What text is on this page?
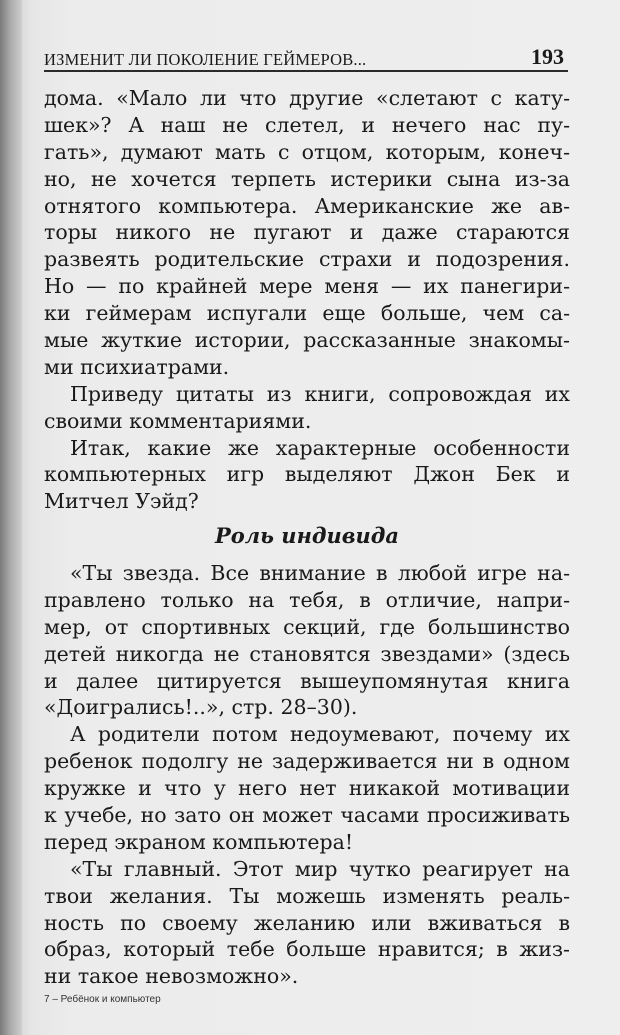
ИЗМЕНИТ ЛИ ПОКОЛЕНИЕ ГЕЙМЕРОВ...	193
дома. «Мало ли что другие «слетают с кату-
шек»? А наш не слетел, и нечего нас пу-
гать», думают мать с отцом, которым, конеч-
но, не хочется терпеть истерики сына из-за
отнятого компьютера. Американские же ав-
торы никого не пугают и даже стараются
развеять родительские страхи и подозрения.
Но — по крайней мере меня — их панегири-
ки геймерам испугали еще больше, чем са-
мые жуткие истории, рассказанные знакомы-
ми психиатрами.
Приведу цитаты из книги, сопровождая их
своими комментариями.
Итак, какие же характерные особенности
компьютерных игр выделяют Джон Бек и
Митчел Уэйд?
Роль индивида
«Ты звезда. Все внимание в любой игре на-
правлено только на тебя, в отличие, напри-
мер, от спортивных секций, где большинство
детей никогда не становятся звездами» (здесь
и далее цитируется вышеупомянутая книга
«Доигрались!..», стр. 28–30).
А родители потом недоумевают, почему их
ребенок подолгу не задерживается ни в одном
кружке и что у него нет никакой мотивации
к учебе, но зато он может часами просиживать
перед экраном компьютера!
«Ты главный. Этот мир чутко реагирует на
твои желания. Ты можешь изменять реаль-
ность по своему желанию или вживаться в
образ, который тебе больше нравится; в жиз-
ни такое невозможно».
7 – Ребёнок и компьютер
